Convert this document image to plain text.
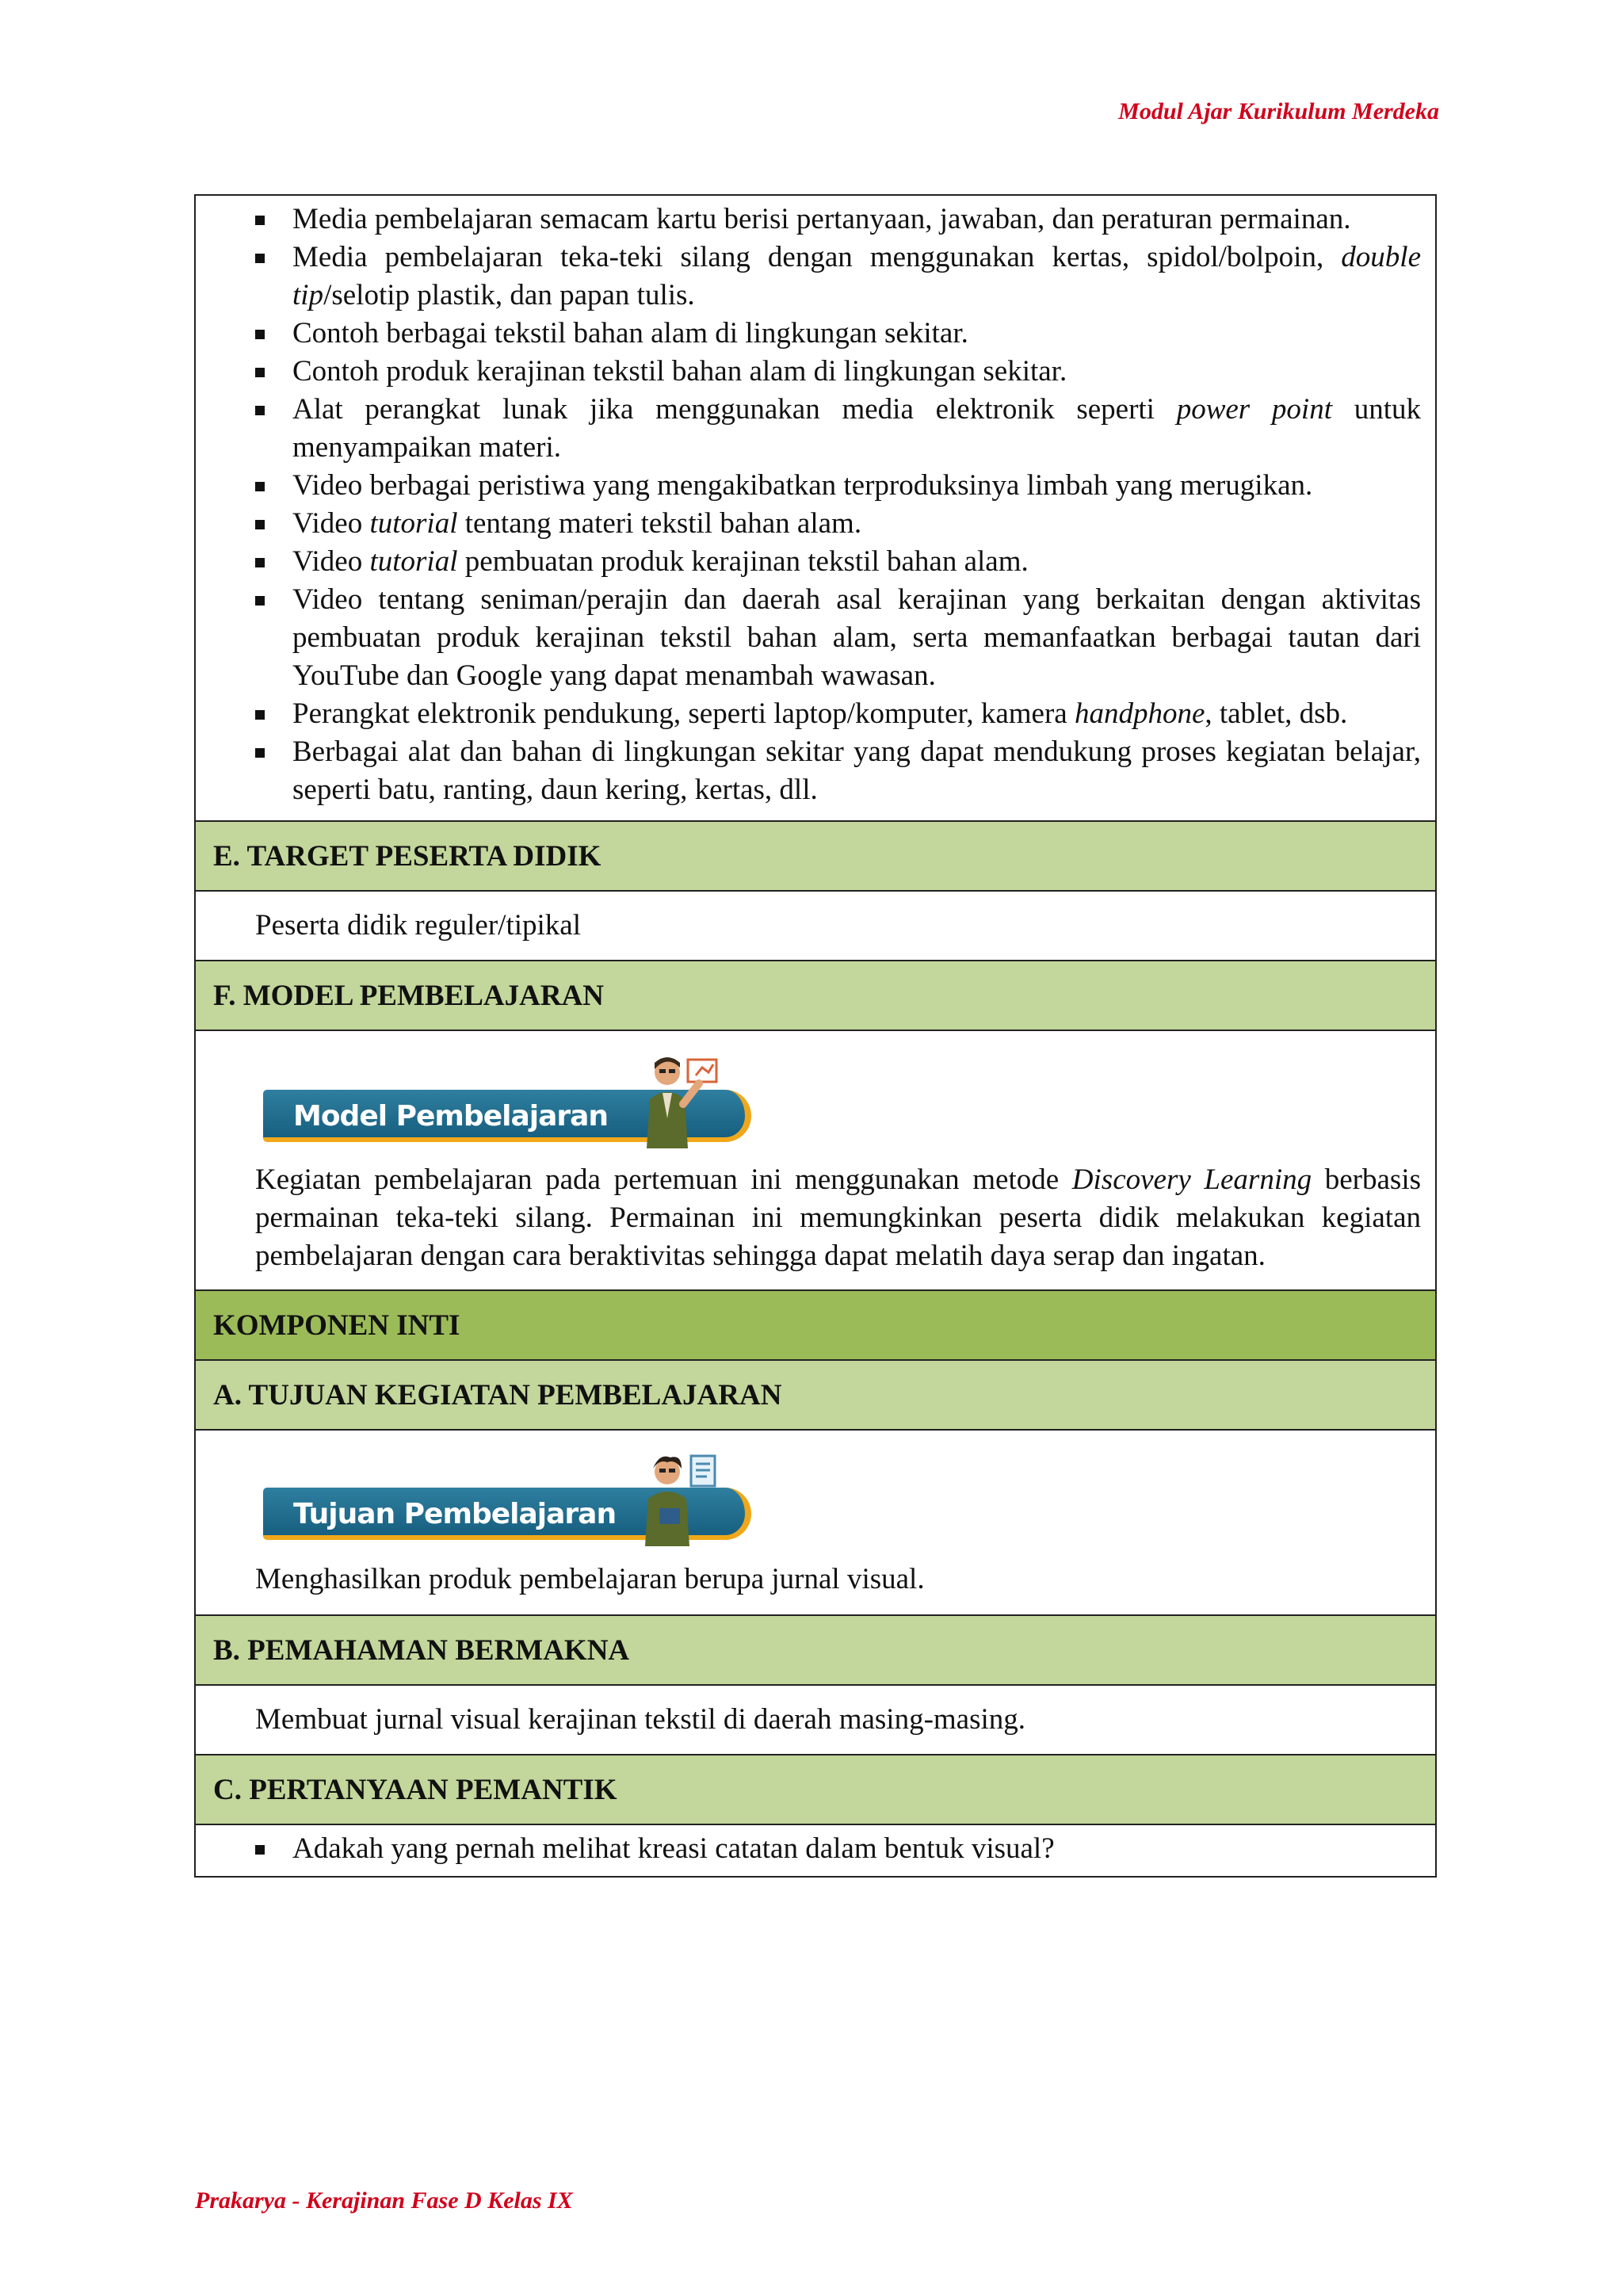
Modul Ajar Kurikulum Merdeka
Media pembelajaran semacam kartu berisi pertanyaan, jawaban, dan peraturan permainan.
Media pembelajaran teka-teki silang dengan menggunakan kertas, spidol/bolpoin, double tip/selotip plastik, dan papan tulis.
Contoh berbagai tekstil bahan alam di lingkungan sekitar.
Contoh produk kerajinan tekstil bahan alam di lingkungan sekitar.
Alat perangkat lunak jika menggunakan media elektronik seperti power point untuk menyampaikan materi.
Video berbagai peristiwa yang mengakibatkan terproduksinya limbah yang merugikan.
Video tutorial tentang materi tekstil bahan alam.
Video tutorial pembuatan produk kerajinan tekstil bahan alam.
Video tentang seniman/perajin dan daerah asal kerajinan yang berkaitan dengan aktivitas pembuatan produk kerajinan tekstil bahan alam, serta memanfaatkan berbagai tautan dari YouTube dan Google yang dapat menambah wawasan.
Perangkat elektronik pendukung, seperti laptop/komputer, kamera handphone, tablet, dsb.
Berbagai alat dan bahan di lingkungan sekitar yang dapat mendukung proses kegiatan belajar, seperti batu, ranting, daun kering, kertas, dll.
E. TARGET PESERTA DIDIK
Peserta didik reguler/tipikal
F. MODEL PEMBELAJARAN
Model Pembelajaran

Kegiatan pembelajaran pada pertemuan ini menggunakan metode Discovery Learning berbasis permainan teka-teki silang. Permainan ini memungkinkan peserta didik melakukan kegiatan pembelajaran dengan cara beraktivitas sehingga dapat melatih daya serap dan ingatan.

KOMPONEN INTI
A. TUJUAN KEGIATAN PEMBELAJARAN
Tujuan Pembelajaran

Menghasilkan produk pembelajaran berupa jurnal visual.

B. PEMAHAMAN BERMAKNA
Membuat jurnal visual kerajinan tekstil di daerah masing-masing.
C. PERTANYAAN PEMANTIK
Adakah yang pernah melihat kreasi catatan dalam bentuk visual?
Prakarya - Kerajinan Fase D Kelas IX
